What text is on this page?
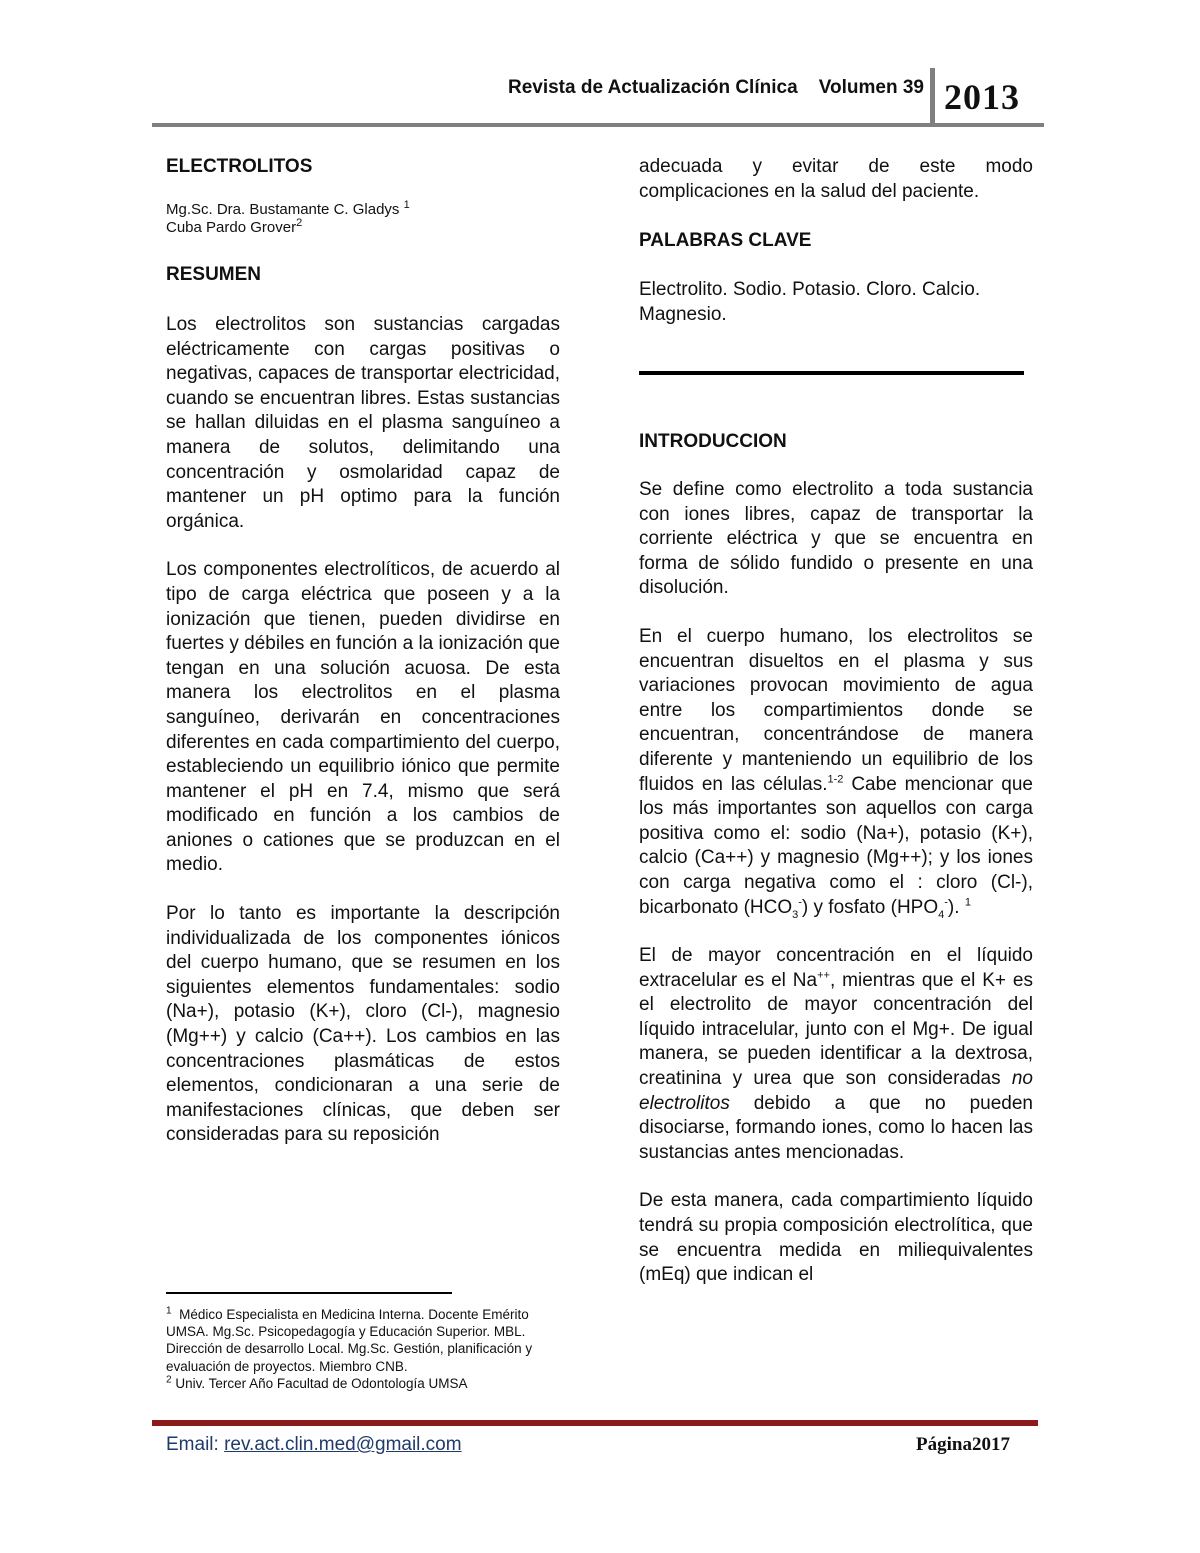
Revista de Actualización Clínica Volumen 39 2013
ELECTROLITOS
Mg.Sc. Dra. Bustamante C. Gladys $^1$
Cuba Pardo Grover$^2$
RESUMEN

Los electrolitos son sustancias cargadas eléctricamente con cargas positivas o negativas, capaces de transportar electricidad, cuando se encuentran libres. Estas sustancias se hallan diluidas en el plasma sanguíneo a manera de solutos, delimitando una concentración y osmolaridad capaz de mantener un pH optimo para la función orgánica.

Los componentes electrolíticos, de acuerdo al tipo de carga eléctrica que poseen y a la ionización que tienen, pueden dividirse en fuertes y débiles en función a la ionización que tengan en una solución acuosa. De esta manera los electrolitos en el plasma sanguíneo, derivarán en concentraciones diferentes en cada compartimiento del cuerpo, estableciendo un equilibrio iónico que permite mantener el pH en 7.4, mismo que será modificado en función a los cambios de aniones o cationes que se produzcan en el medio.

Por lo tanto es importante la descripción individualizada de los componentes iónicos del cuerpo humano, que se resumen en los siguientes elementos fundamentales: sodio (Na+), potasio (K+), cloro (Cl-), magnesio (Mg++) y calcio (Ca++). Los cambios en las concentraciones plasmáticas de estos elementos, condicionaran a una serie de manifestaciones clínicas, que deben ser consideradas para su reposición

$^1$ Médico Especialista en Medicina Interna. Docente Emérito UMSA. Mg.Sc. Psicopedagogía y Educación Superior. MBL. Dirección de desarrollo Local. Mg.Sc. Gestión, planificación y evaluación de proyectos. Miembro CNB.
$^2$ Univ. Tercer Año Facultad de Odontología UMSA

adecuada y evitar de este modo complicaciones en la salud del paciente.

PALABRAS CLAVE

Electrolito. Sodio. Potasio. Cloro. Calcio. Magnesio.

INTRODUCCION

Se define como electrolito a toda sustancia con iones libres, capaz de transportar la corriente eléctrica y que se encuentra en forma de sólido fundido o presente en una disolución.

En el cuerpo humano, los electrolitos se encuentran disueltos en el plasma y sus variaciones provocan movimiento de agua entre los compartimientos donde se encuentran, concentrándose de manera diferente y manteniendo un equilibrio de los fluidos en las células.$^{1-2}$ Cabe mencionar que los más importantes son aquellos con carga positiva como el: sodio (Na+), potasio (K+), calcio (Ca++) y magnesio (Mg++); y los iones con carga negativa como el : cloro (Cl-), bicarbonato $(HCO_3^-)$ y fosfato $(HPO_4^-)$. $^1$

El de mayor concentración en el líquido extracelular es el Na++, mientras que el K+ es el electrolito de mayor concentración del líquido intracelular, junto con el Mg+. De igual manera, se pueden identificar a la dextrosa, creatinina y urea que son consideradas no electrolitos debido a que no pueden disociarse, formando iones, como lo hacen las sustancias antes mencionadas.

De esta manera, cada compartimiento líquido tendrá su propia composición electrolítica, que se encuentra medida en miliequivalentes (mEq) que indican el

Email: rev.act.clin.med@gmail.com	Página2017
